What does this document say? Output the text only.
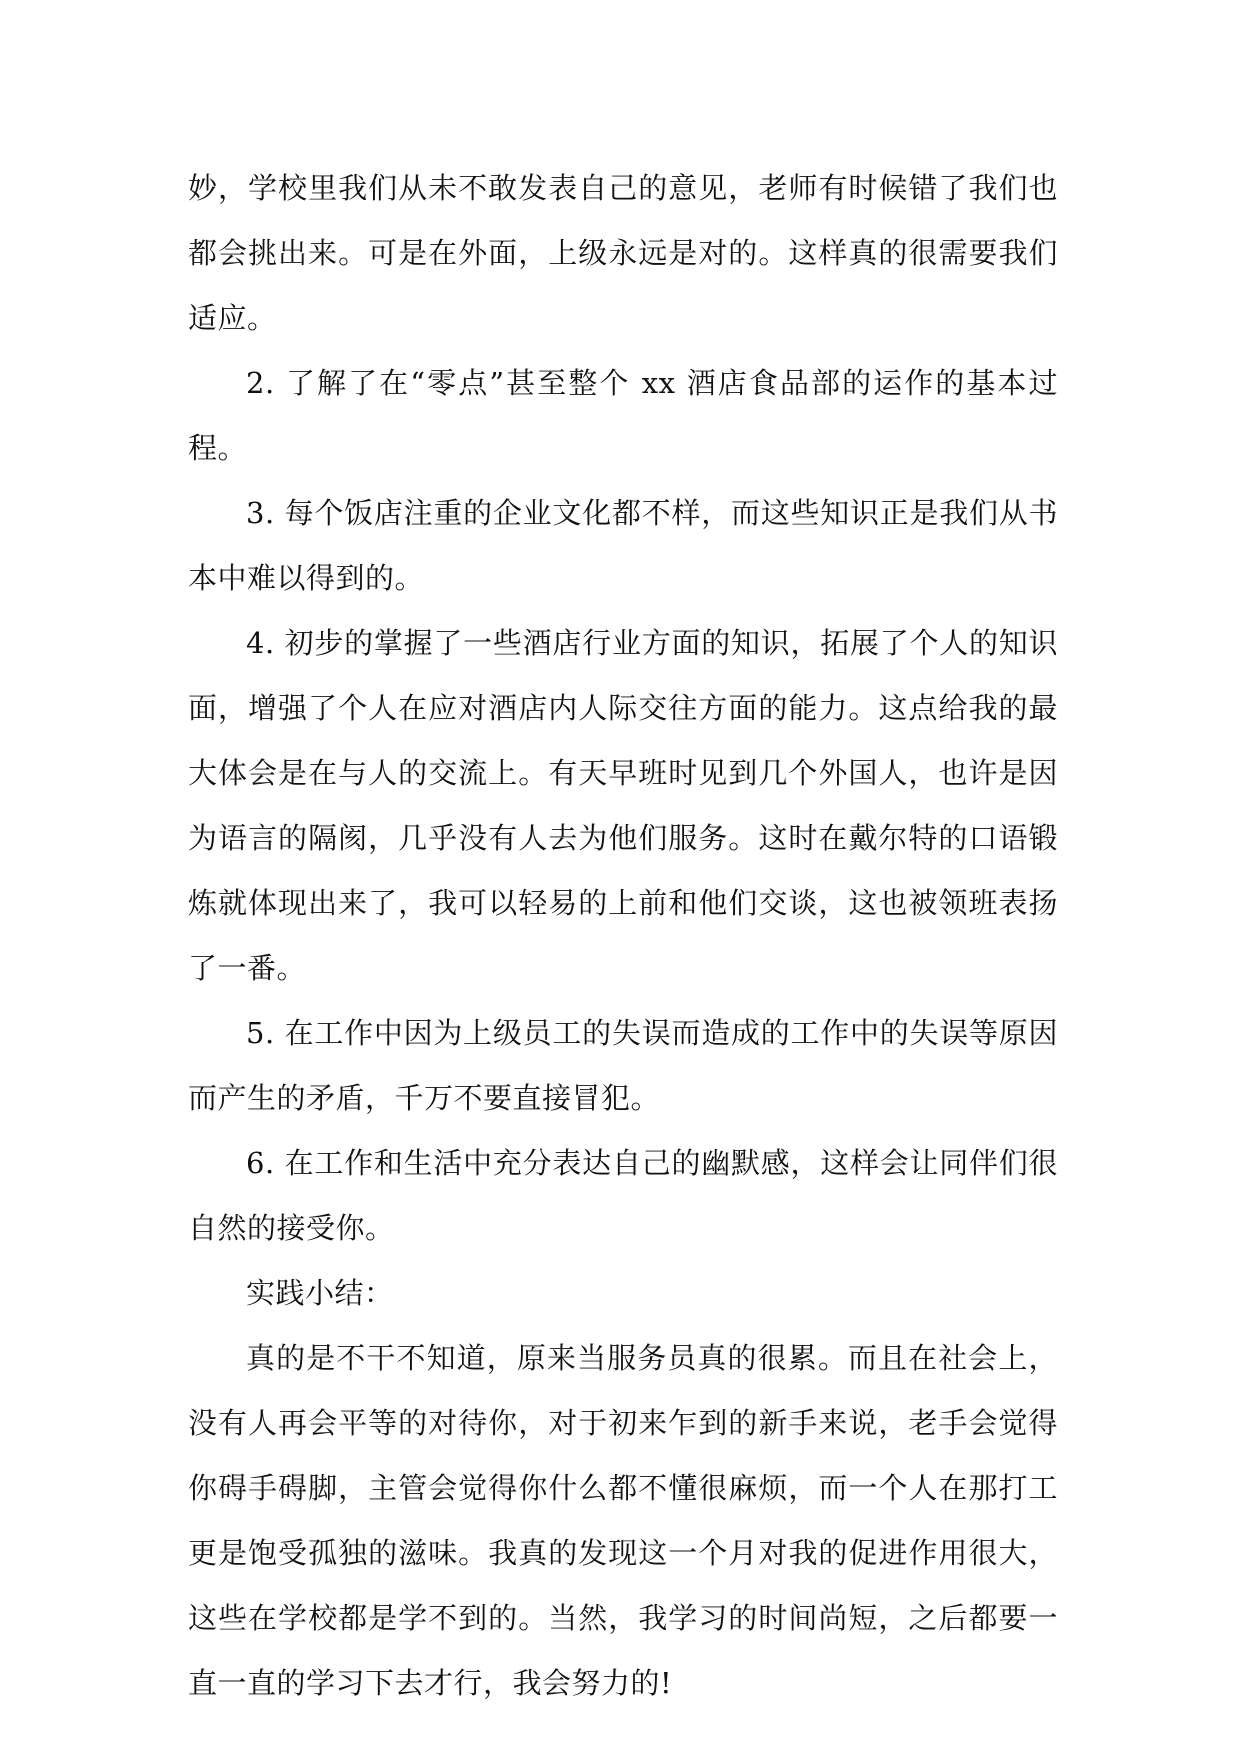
妙，学校里我们从未不敢发表自己的意见，老师有时候错了我们也都会挑出来。可是在外面，上级永远是对的。这样真的很需要我们适应。

2. 了解了在“零点”甚至整个 xx 酒店食品部的运作的基本过程。

3. 每个饭店注重的企业文化都不样，而这些知识正是我们从书本中难以得到的。

4. 初步的掌握了一些酒店行业方面的知识，拓展了个人的知识面，增强了个人在应对酒店内人际交往方面的能力。这点给我的最大体会是在与人的交流上。有天早班时见到几个外国人，也许是因为语言的隔阂，几乎没有人去为他们服务。这时在戴尔特的口语锻炼就体现出来了，我可以轻易的上前和他们交谈，这也被领班表扬了一番。

5. 在工作中因为上级员工的失误而造成的工作中的失误等原因而产生的矛盾，千万不要直接冒犯。

6. 在工作和生活中充分表达自己的幽默感，这样会让同伴们很自然的接受你。

实践小结：

真的是不干不知道，原来当服务员真的很累。而且在社会上，没有人再会平等的对待你，对于初来乍到的新手来说，老手会觉得你碍手碍脚，主管会觉得你什么都不懂很麻烦，而一个人在那打工更是饱受孤独的滋味。我真的发现这一个月对我的促进作用很大，这些在学校都是学不到的。当然，我学习的时间尚短，之后都要一直一直的学习下去才行，我会努力的!
